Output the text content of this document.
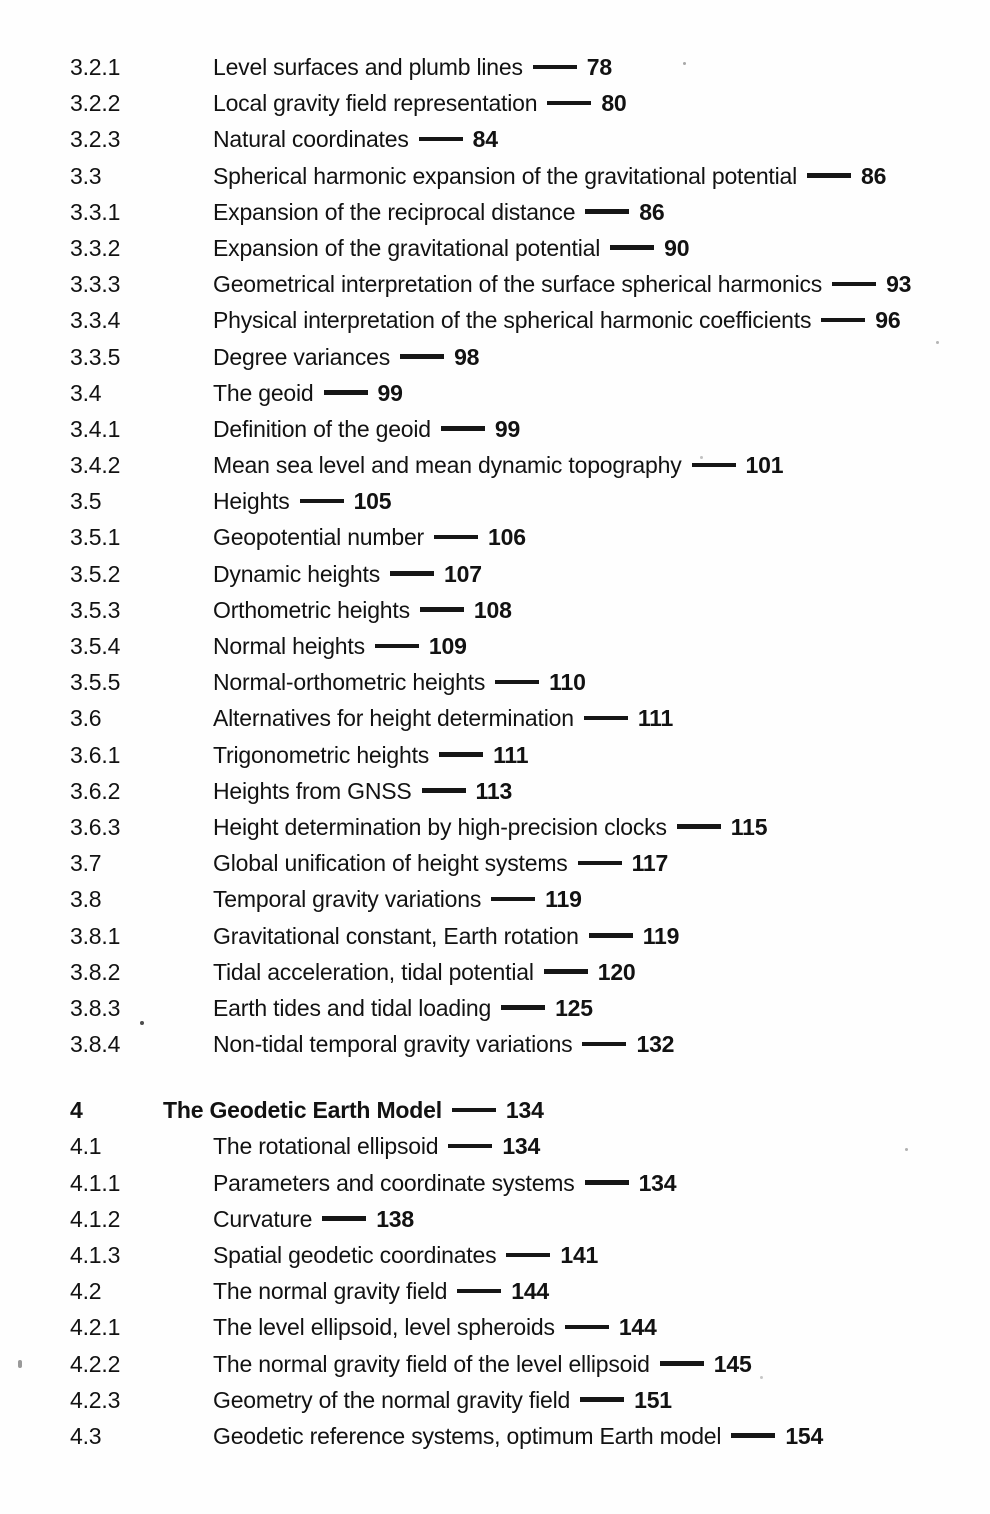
3.2.1	Level surfaces and plumb lines	78
3.2.2	Local gravity field representation	80
3.2.3	Natural coordinates	84
3.3	Spherical harmonic expansion of the gravitational potential	86
3.3.1	Expansion of the reciprocal distance	86
3.3.2	Expansion of the gravitational potential	90
3.3.3	Geometrical interpretation of the surface spherical harmonics	93
3.3.4	Physical interpretation of the spherical harmonic coefficients	96
3.3.5	Degree variances	98
3.4	The geoid	99
3.4.1	Definition of the geoid	99
3.4.2	Mean sea level and mean dynamic topography	101
3.5	Heights	105
3.5.1	Geopotential number	106
3.5.2	Dynamic heights	107
3.5.3	Orthometric heights	108
3.5.4	Normal heights	109
3.5.5	Normal-orthometric heights	110
3.6	Alternatives for height determination	111
3.6.1	Trigonometric heights	111
3.6.2	Heights from GNSS	113
3.6.3	Height determination by high-precision clocks	115
3.7	Global unification of height systems	117
3.8	Temporal gravity variations	119
3.8.1	Gravitational constant, Earth rotation	119
3.8.2	Tidal acceleration, tidal potential	120
3.8.3	Earth tides and tidal loading	125
3.8.4	Non-tidal temporal gravity variations	132
4	The Geodetic Earth Model	134
4.1	The rotational ellipsoid	134
4.1.1	Parameters and coordinate systems	134
4.1.2	Curvature	138
4.1.3	Spatial geodetic coordinates	141
4.2	The normal gravity field	144
4.2.1	The level ellipsoid, level spheroids	144
4.2.2	The normal gravity field of the level ellipsoid	145
4.2.3	Geometry of the normal gravity field	151
4.3	Geodetic reference systems, optimum Earth model	154
